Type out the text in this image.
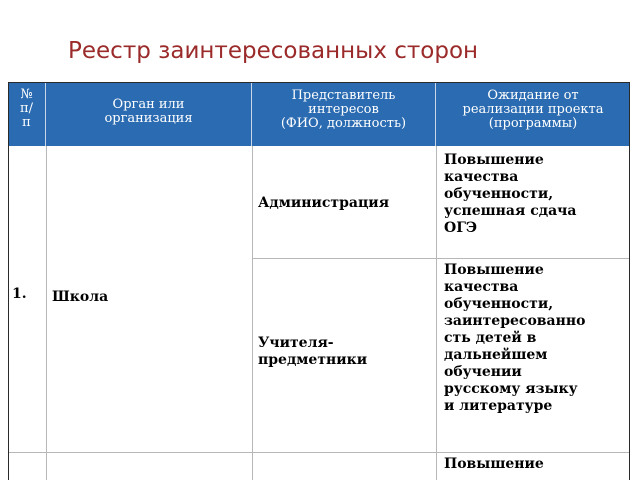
Реестр заинтересованных сторон
№
п/
п
Орган или
организация
Представитель
интересов
(ФИО, должность)
Ожидание от
реализации проекта
(программы)
1.	Школа
Администрация
Повышение
качества
обученности,
успешная сдача
ОГЭ
Учителя-
предметники
Повышение
качества
обученности,
заинтересованно
сть детей в
дальнейшем
обучении
русскому языку
и литературе
Повышение
